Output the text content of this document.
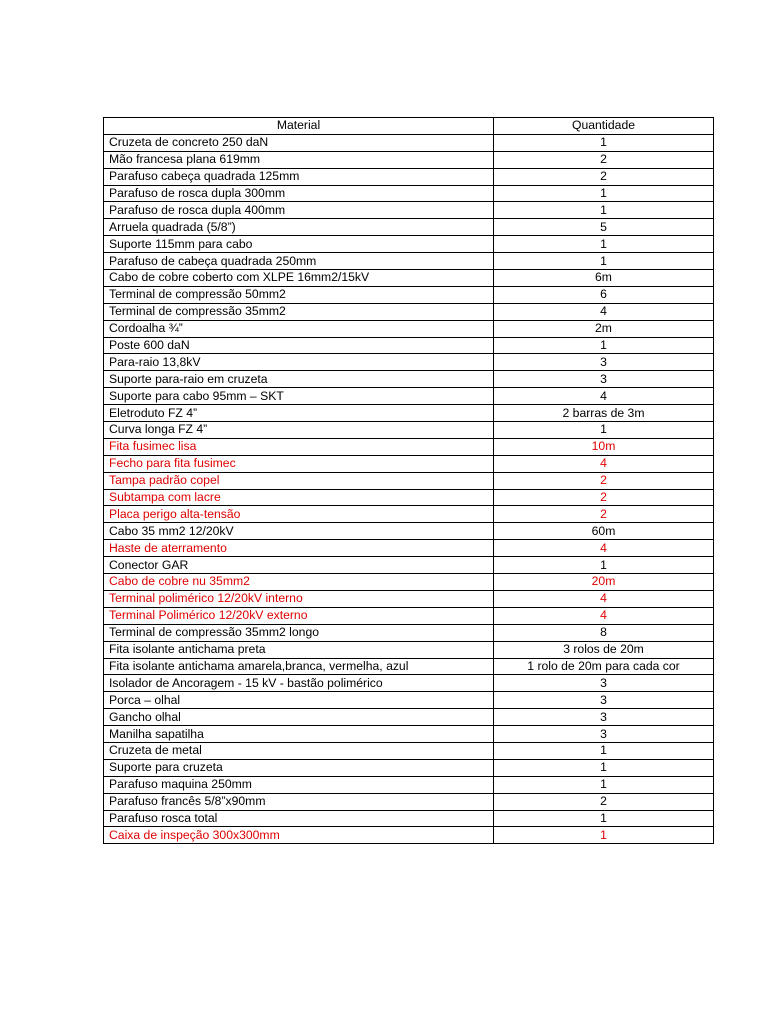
Material	Quantidade
Cruzeta de concreto 250 daN	1
Mão francesa plana 619mm	2
Parafuso cabeça quadrada 125mm	2
Parafuso de rosca dupla 300mm	1
Parafuso de rosca dupla 400mm	1
Arruela quadrada (5/8”)	5
Suporte 115mm para cabo	1
Parafuso de cabeça quadrada 250mm	1
Cabo de cobre coberto com XLPE 16mm2/15kV	6m
Terminal de compressão 50mm2	6
Terminal de compressão 35mm2	4
Cordoalha ¾”	2m
Poste 600 daN	1
Para-raio 13,8kV	3
Suporte para-raio em cruzeta	3
Suporte para cabo 95mm – SKT	4
Eletroduto FZ 4”	2 barras de 3m
Curva longa FZ 4”	1
Fita fusimec lisa	10m
Fecho para fita fusimec	4
Tampa padrão copel	2
Subtampa com lacre	2
Placa perigo alta-tensão	2
Cabo 35 mm2 12/20kV	60m
Haste de aterramento	4
Conector GAR	1
Cabo de cobre nu 35mm2	20m
Terminal polimérico 12/20kV interno	4
Terminal Polimérico 12/20kV externo	4
Terminal de compressão 35mm2 longo	8
Fita isolante antichama preta	3 rolos de 20m
Fita isolante antichama amarela,branca, vermelha, azul	1 rolo de 20m para cada cor
Isolador de Ancoragem - 15 kV - bastão polimérico	3
Porca – olhal	3
Gancho olhal	3
Manilha sapatilha	3
Cruzeta de metal	1
Suporte para cruzeta	1
Parafuso maquina 250mm	1
Parafuso francês 5/8”x90mm	2
Parafuso rosca total	1
Caixa de inspeção 300x300mm	1
